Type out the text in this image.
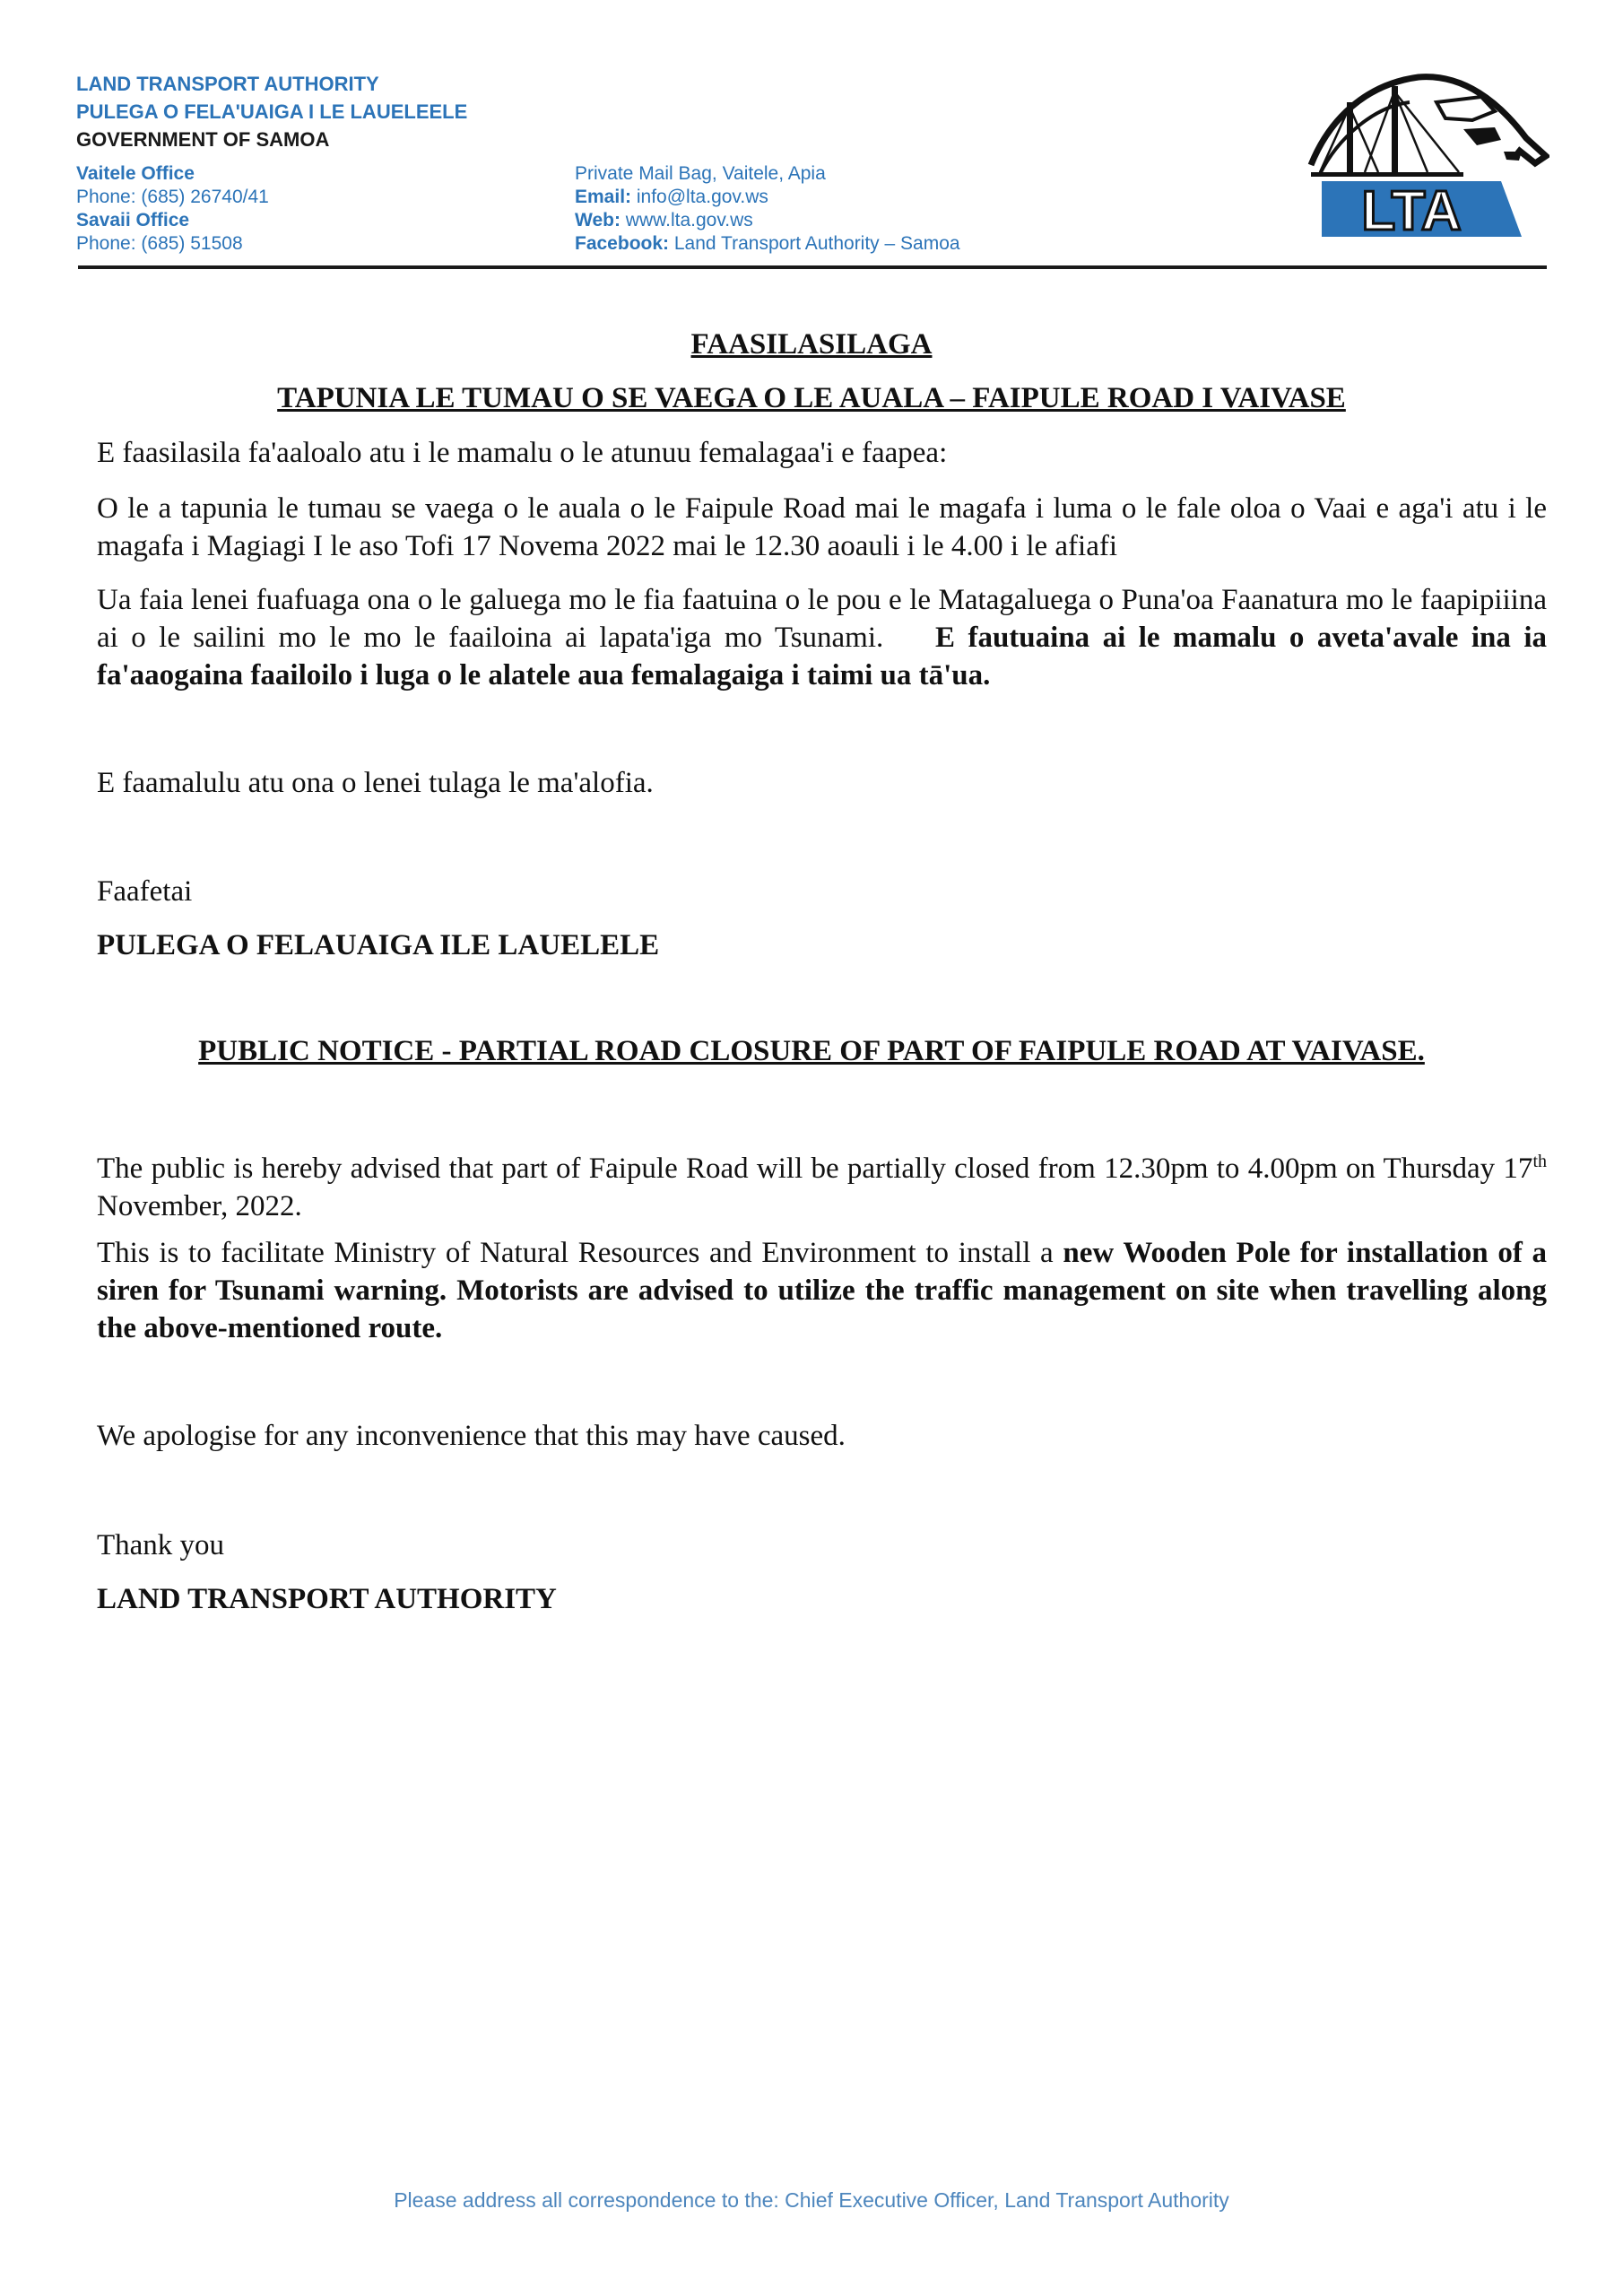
LAND TRANSPORT AUTHORITY
PULEGA O FELA'UAIGA I LE LAUELEELE
GOVERNMENT OF SAMOA
Vaitele Office
Phone: (685) 26740/41
Savaii Office
Phone: (685) 51508
Private Mail Bag, Vaitele, Apia
Email: info@lta.gov.ws
Web: www.lta.gov.ws
Facebook: Land Transport Authority – Samoa
LTA
FAASILASILAGA
TAPUNIA LE TUMAU O SE VAEGA O LE AUALA – FAIPULE ROAD I VAIVASE
E faasilasila fa'aaloalo atu i le mamalu o le atunuu femalagaa'i e faapea:
O le a tapunia le tumau se vaega o le auala o le Faipule Road mai le magafa i luma o le fale oloa o Vaai e aga'i atu i le magafa i Magiagi I le aso Tofi 17 Novema 2022 mai le 12.30 aoauli i le 4.00 i le afiafi
Ua faia lenei fuafuaga ona o le galuega mo le fia faatuina o le pou e le Matagaluega o Puna'oa Faanatura mo le faapipiiina ai o le sailini mo le mo le faailoina ai lapata'iga mo Tsunami. E fautuaina ai le mamalu o aveta'avale ina ia fa'aaogaina faailoilo i luga o le alatele aua femalagaiga i taimi ua tā'ua.
E faamalulu atu ona o lenei tulaga le ma'alofia.
Faafetai
PULEGA O FELAUAIGA ILE LAUELELE
PUBLIC NOTICE - PARTIAL ROAD CLOSURE OF PART OF FAIPULE ROAD AT VAIVASE.
The public is hereby advised that part of Faipule Road will be partially closed from 12.30pm to 4.00pm on Thursday 17th November, 2022.
This is to facilitate Ministry of Natural Resources and Environment to install a new Wooden Pole for installation of a siren for Tsunami warning. Motorists are advised to utilize the traffic management on site when travelling along the above-mentioned route.
We apologise for any inconvenience that this may have caused.
Thank you
LAND TRANSPORT AUTHORITY
Please address all correspondence to the: Chief Executive Officer, Land Transport Authority
